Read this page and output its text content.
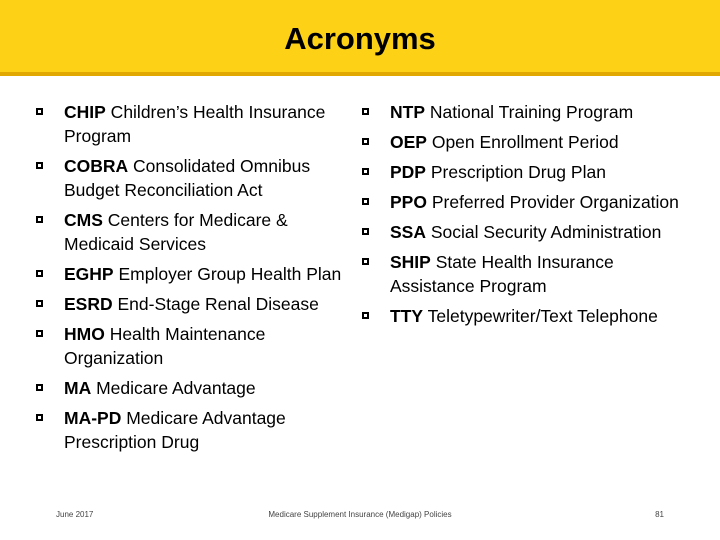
Acronyms
CHIP Children’s Health Insurance Program
COBRA Consolidated Omnibus Budget Reconciliation Act
CMS Centers for Medicare & Medicaid Services
EGHP Employer Group Health Plan
ESRD End-Stage Renal Disease
HMO Health Maintenance Organization
MA Medicare Advantage
MA-PD Medicare Advantage Prescription Drug
NTP National Training Program
OEP Open Enrollment Period
PDP Prescription Drug Plan
PPO Preferred Provider Organization
SSA Social Security Administration
SHIP State Health Insurance Assistance Program
TTY Teletypewriter/Text Telephone
June 2017	Medicare Supplement Insurance (Medigap) Policies	81
